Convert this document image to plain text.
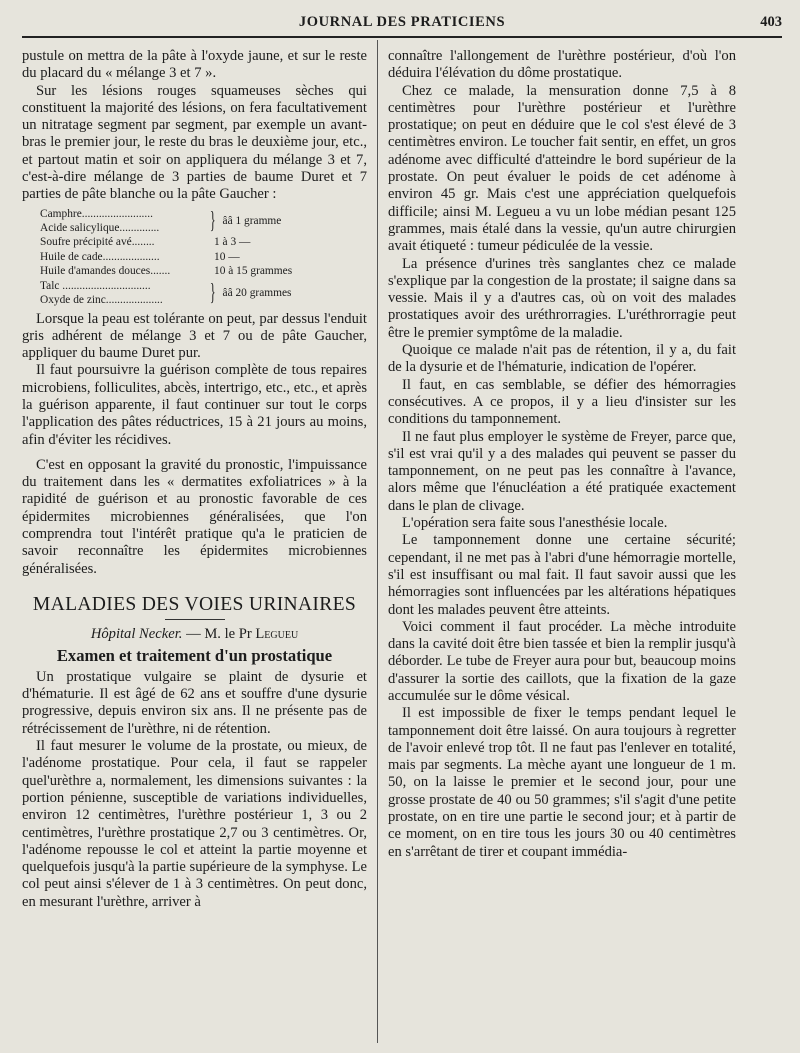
JOURNAL DES PRATICIENS	403

pustule on mettra de la pâte à l'oxyde jaune, et sur le reste du placard du « mélange 3 et 7 ».

Sur les lésions rouges squameuses sèches qui constituent la majorité des lésions, on fera facultativement un nitratage segment par segment, par exemple un avant-bras le premier jour, le reste du bras le deuxième jour, etc., et partout matin et soir on appliquera du mélange 3 et 7, c'est-à-dire mélange de 3 parties de baume Duret et 7 parties de pâte blanche ou la pâte Gaucher :

Camphre.........................
Acide salicylique..............	} ââ 1 gramme
Soufre précipité avé........	1 à 3 —
Huile de cade....................	10 —
Huile d'amandes douces.......	10 à 15 grammes
Talc ...............................
Oxyde de zinc....................	} ââ 20 grammes

Lorsque la peau est tolérante on peut, par dessus l'enduit gris adhérent de mélange 3 et 7 ou de pâte Gaucher, appliquer du baume Duret pur.

Il faut poursuivre la guérison complète de tous repaires microbiens, folliculites, abcès, intertrigo, etc., etc., et après la guérison apparente, il faut continuer sur tout le corps l'application des pâtes réductrices, 15 à 21 jours au moins, afin d'éviter les récidives.

C'est en opposant la gravité du pronostic, l'impuissance du traitement dans les « dermatites exfoliatrices » à la rapidité de guérison et au pronostic favorable de ces épidermites microbiennes généralisées, que l'on comprendra tout l'intérêt pratique qu'a le praticien de savoir reconnaître les épidermites microbiennes généralisées.

MALADIES DES VOIES URINAIRES
Hôpital Necker. — M. le Pr Legueu
Examen et traitement d'un prostatique

Un prostatique vulgaire se plaint de dysurie et d'hématurie. Il est âgé de 62 ans et souffre d'une dysurie progressive, depuis environ six ans. Il ne présente pas de rétrécissement de l'urèthre, ni de rétention.

Il faut mesurer le volume de la prostate, ou mieux, de l'adénome prostatique. Pour cela, il faut se rappeler quel'urèthre a, normalement, les dimensions suivantes : la portion pénienne, susceptible de variations individuelles, environ 12 centimètres, l'urèthre postérieur 1, 3 ou 2 centimètres, l'urèthre prostatique 2,7 ou 3 centimètres. Or, l'adénome repousse le col et atteint la partie moyenne et quelquefois jusqu'à la partie supérieure de la symphyse. Le col peut ainsi s'élever de 1 à 3 centimètres. On peut donc, en mesurant l'urèthre, arriver à

connaître l'allongement de l'urèthre postérieur, d'où l'on déduira l'élévation du dôme prostatique.

Chez ce malade, la mensuration donne 7,5 à 8 centimètres pour l'urèthre postérieur et l'urèthre prostatique; on peut en déduire que le col s'est élevé de 3 centimètres environ. Le toucher fait sentir, en effet, un gros adénome avec difficulté d'atteindre le bord supérieur de la prostate. On peut évaluer le poids de cet adénome à environ 45 gr. Mais c'est une appréciation quelquefois difficile; ainsi M. Legueu a vu un lobe médian pesant 125 grammes, mais étalé dans la vessie, qu'un autre chirurgien avait étiqueté : tumeur pédiculée de la vessie.

La présence d'urines très sanglantes chez ce malade s'explique par la congestion de la prostate; il saigne dans sa vessie. Mais il y a d'autres cas, où on voit des malades prostatiques avoir des uréthrorragies. L'uréthrorragie peut être le premier symptôme de la maladie.

Quoique ce malade n'ait pas de rétention, il y a, du fait de la dysurie et de l'hématurie, indication de l'opérer.

Il faut, en cas semblable, se défier des hémorragies consécutives. A ce propos, il y a lieu d'insister sur les conditions du tamponnement.

Il ne faut plus employer le système de Freyer, parce que, s'il est vrai qu'il y a des malades qui peuvent se passer du tamponnement, on ne peut pas les connaître à l'avance, alors même que l'énucléation a été pratiquée exactement dans le plan de clivage.

L'opération sera faite sous l'anesthésie locale.

Le tamponnement donne une certaine sécurité; cependant, il ne met pas à l'abri d'une hémorragie mortelle, s'il est insuffisant ou mal fait. Il faut savoir aussi que les hémorragies sont influencées par les altérations hépatiques dont les malades peuvent être atteints.

Voici comment il faut procéder. La mèche introduite dans la cavité doit être bien tassée et bien la remplir jusqu'à déborder. Le tube de Freyer aura pour but, beaucoup moins d'assurer la sortie des caillots, que la fixation de la gaze accumulée sur le dôme vésical.

Il est impossible de fixer le temps pendant lequel le tamponnement doit être laissé. On aura toujours à regretter de l'avoir enlevé trop tôt. Il ne faut pas l'enlever en totalité, mais par segments. La mèche ayant une longueur de 1 m. 50, on la laisse le premier et le second jour, pour une grosse prostate de 40 ou 50 grammes; s'il s'agit d'une petite prostate, on en tire une partie le second jour; et à partir de ce moment, on en tire tous les jours 30 ou 40 centimètres en s'arrêtant de tirer et coupant immédia-
